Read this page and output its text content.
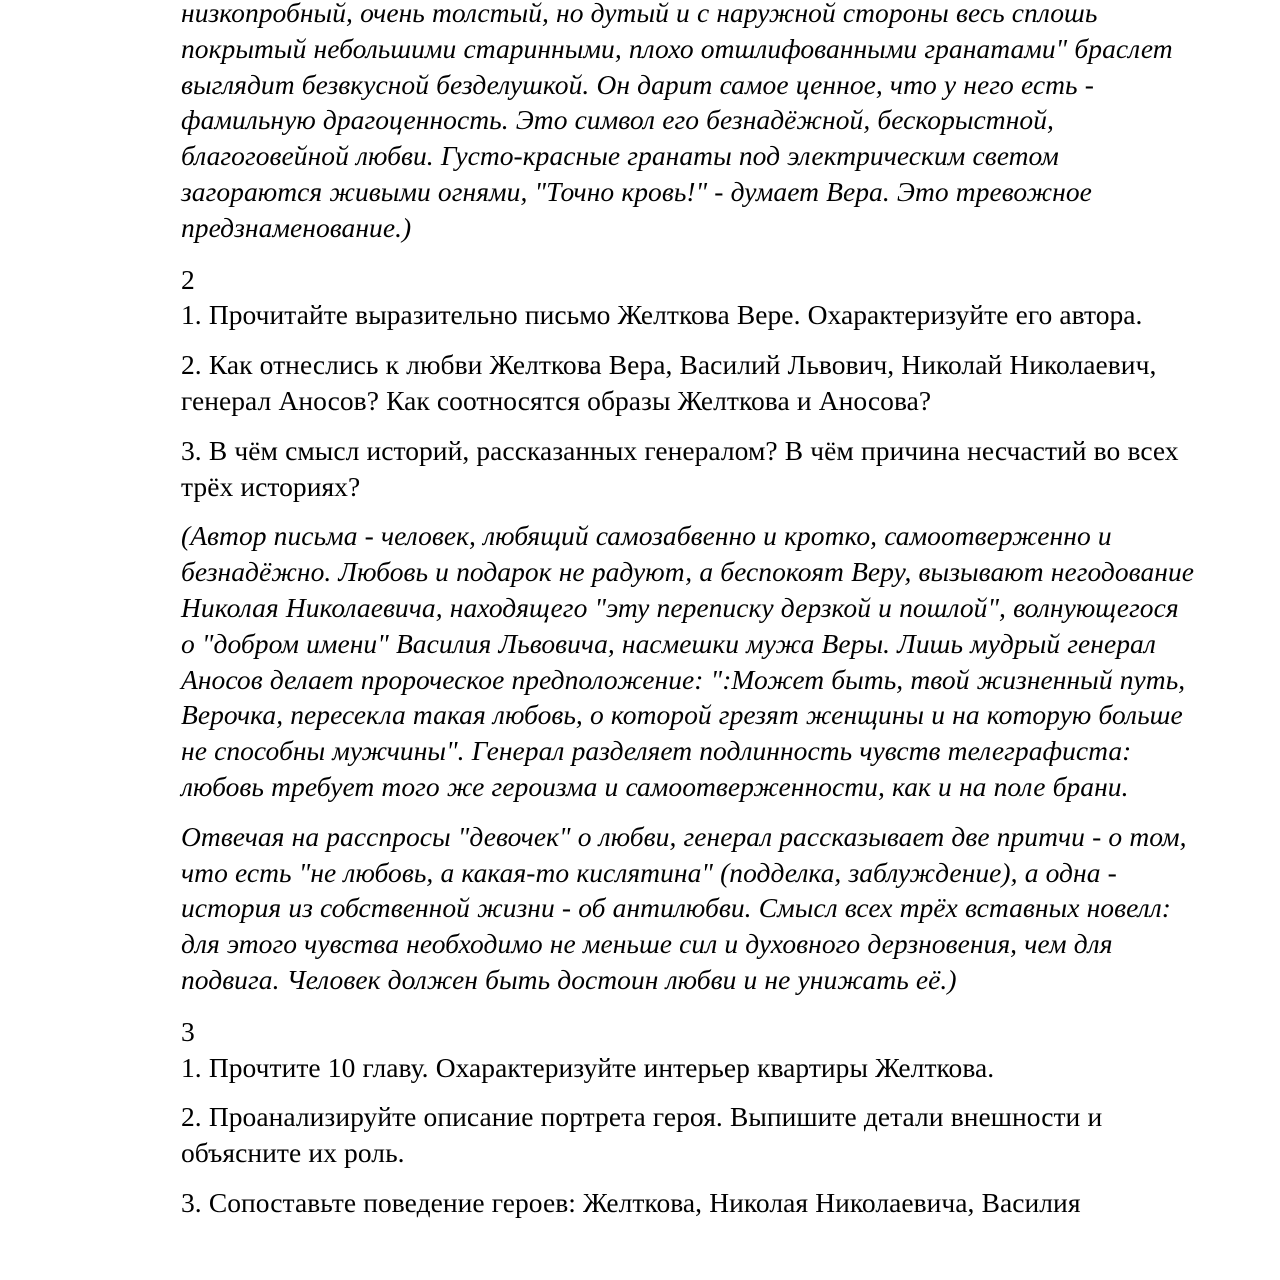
низкопробный, очень толстый, но дутый и с наружной стороны весь сплошь покрытый небольшими старинными, плохо отшлифованными гранатами" браслет выглядит безвкусной безделушкой. Он дарит самое ценное, что у него есть - фамильную драгоценность. Это символ его безнадёжной, бескорыстной, благоговейной любви. Густо-красные гранаты под электрическим светом загораются живыми огнями, "Точно кровь!" - думает Вера. Это тревожное предзнаменование.)

2

1. Прочитайте выразительно письмо Желткова Вере. Охарактеризуйте его автора.

2. Как отнеслись к любви Желткова Вера, Василий Львович, Николай Николаевич, генерал Аносов? Как соотносятся образы Желткова и Аносова?

3. В чём смысл историй, рассказанных генералом? В чём причина несчастий во всех трёх историях?

(Автор письма - человек, любящий самозабвенно и кротко, самоотверженно и безнадёжно. Любовь и подарок не радуют, а беспокоят Веру, вызывают негодование Николая Николаевича, находящего "эту переписку дерзкой и пошлой", волнующегося о "добром имени" Василия Львовича, насмешки мужа Веры. Лишь мудрый генерал Аносов делает пророческое предположение: ":Может быть, твой жизненный путь, Верочка, пересекла такая любовь, о которой грезят женщины и на которую больше не способны мужчины". Генерал разделяет подлинность чувств телеграфиста: любовь требует того же героизма и самоотверженности, как и на поле брани.

Отвечая на расспросы "девочек" о любви, генерал рассказывает две притчи - о том, что есть "не любовь, а какая-то кислятина" (подделка, заблуждение), а одна - история из собственной жизни - об антилюбви. Смысл всех трёх вставных новелл: для этого чувства необходимо не меньше сил и духовного дерзновения, чем для подвига. Человек должен быть достоин любви и не унижать её.)

3

1. Прочтите 10 главу. Охарактеризуйте интерьер квартиры Желткова.

2. Проанализируйте описание портрета героя. Выпишите детали внешности и объясните их роль.

3. Сопоставьте поведение героев: Желткова, Николая Николаевича, Василия
